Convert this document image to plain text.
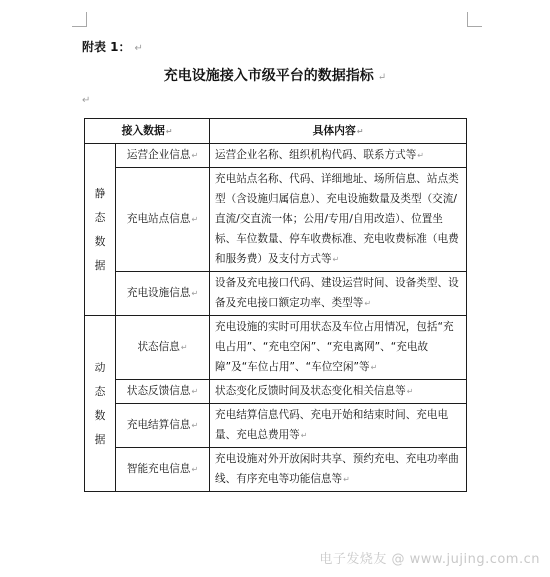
附表 1： ↵
充电设施接入市级平台的数据指标 ↵
↵
接入数据↵		具体内容↵
静态数据	运营企业信息↵	运营企业名称、组织机构代码、联系方式等↵
	充电站点信息↵	充电站点名称、代码、详细地址、场所信息、站点类型（含设施归属信息）、充电设施数量及类型（交流/直流/交直流一体；公用/专用/自用改造）、位置坐标、车位数量、停车收费标准、充电收费标准（电费和服务费）及支付方式等↵
	充电设施信息↵	设备及充电接口代码、建设运营时间、设备类型、设备及充电接口额定功率、类型等↵
动态数据	状态信息↵	充电设施的实时可用状态及车位占用情况，包括“充电占用”、“充电空闲”、“充电离网”、“充电故障”及“车位占用”、“车位空闲”等↵
	状态反馈信息↵	状态变化反馈时间及状态变化相关信息等↵
	充电结算信息↵	充电结算信息代码、充电开始和结束时间、充电电量、充电总费用等↵
	智能充电信息↵	充电设施对外开放闲时共享、预约充电、充电功率曲线、有序充电等功能信息等↵
电子发烧友 @ www.jujing.com.cn
